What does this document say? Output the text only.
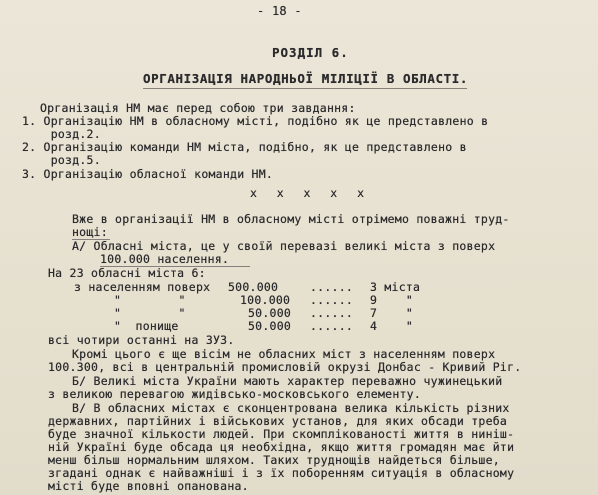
- 18 -
РОЗДІЛ 6.
ОРГАНІЗАЦІЯ НАРОДНЬОЇ МІЛІЦІЇ В ОБЛАСТІ.
Організація НМ має перед собою три завдання:
1. Організацію НМ в обласному місті, подібно як це представлено в
розд.2.
2. Організацію команди НМ міста, подібно, як це представлено в
розд.5.
3. Організацію обласної команди НМ.
x  x  x  x  x
Вже в організації НМ в обласному місті отрімемо поважні труд-
нощі:
А/ Обласні міста, це у своїй перевазі великі міста з поверх
100.000 населення.
На 23 обласні міста 6:
з населенням поверх 500.000	...... 3 міста
"        "	100.000 ...... 9    "
"        "	50.000 ...... 7    "
"  понище	50.000 ...... 4    "
всі чотири останні на ЗУЗ.
Кромі цього є ще вісім не обласних міст з населенням поверх
100.300, всі в центральній промисловій окрузі Донбас - Кривий Ріг.
Б/ Великі міста України мають характер переважно чужинецький
з великою перевагою жидівсько-московського елементу.
В/ В обласних містах є сконцентрована велика кількість різних
державних, партійних і військових установ, для яких обсади треба
буде значної кількости людей. При скомплікованості життя в нинiш-
ній Україні буде обсада ця необхідна, якщо життя громадян має йти
менш більш нормальним шляхом. Таких труднощів найдеться більше,
згадані однак є найважніші і з їх поборенням ситуація в обласному
місті буде вповні опанована.
